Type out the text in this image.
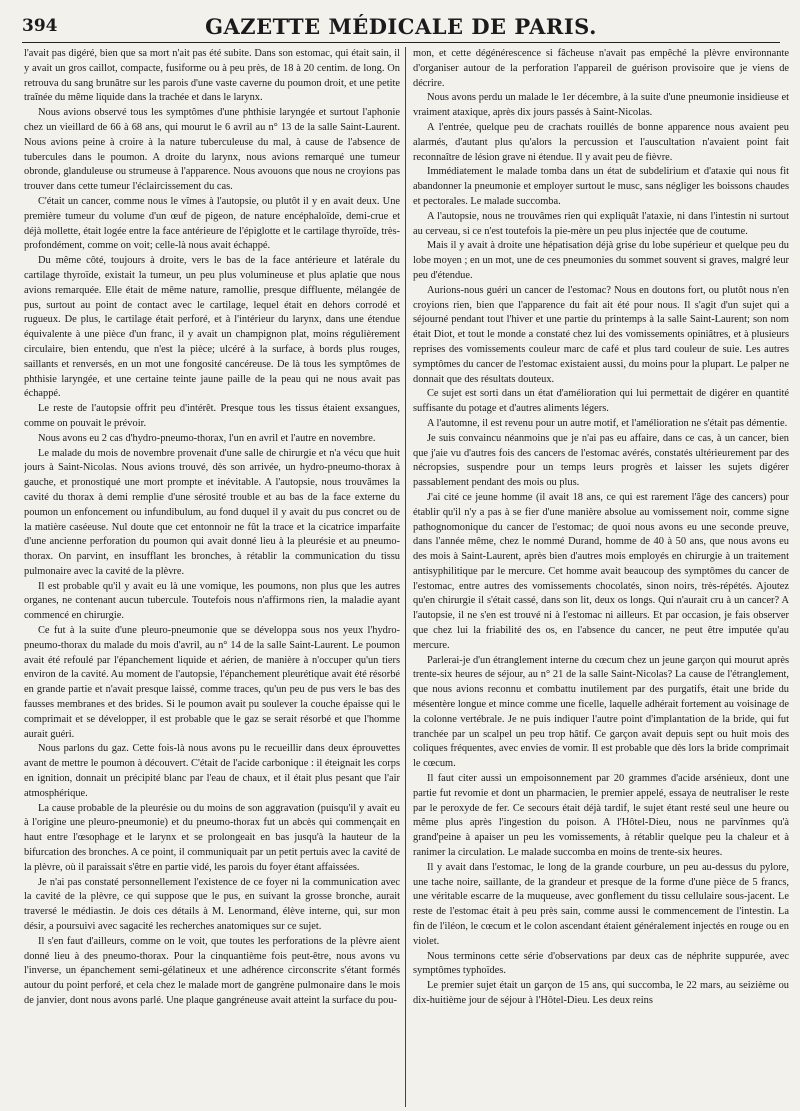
394	GAZETTE MÉDICALE DE PARIS.

l'avait pas digéré, bien que sa mort n'ait pas été subite. Dans son estomac, qui était sain, il y avait un gros caillot, compacte, fusiforme ou à peu près, de 18 à 20 centim. de long. On retrouva du sang brunâtre sur les parois d'une vaste caverne du poumon droit, et une petite traînée du même liquide dans la trachée et dans le larynx.

Nous avions observé tous les symptômes d'une phthisie laryngée et surtout l'aphonie chez un vieillard de 66 à 68 ans, qui mourut le 6 avril au n° 13 de la salle Saint-Laurent. Nous avions peine à croire à la nature tuberculeuse du mal, à cause de l'absence de tubercules dans le poumon. A droite du larynx, nous avions remarqué une tumeur obronde, glanduleuse ou strumeuse à l'apparence. Nous avouons que nous ne croyions pas trouver dans cette tumeur l'éclaircissement du cas.

C'était un cancer, comme nous le vîmes à l'autopsie, ou plutôt il y en avait deux. Une première tumeur du volume d'un œuf de pigeon, de nature encéphaloïde, demi-crue et déjà mollette, était logée entre la face antérieure de l'épiglotte et le cartilage thyroïde, très-profondément, comme on voit; celle-là nous avait échappé.

Du même côté, toujours à droite, vers le bas de la face antérieure et latérale du cartilage thyroïde, existait la tumeur, un peu plus volumineuse et plus aplatie que nous avions remarquée. Elle était de même nature, ramollie, presque diffluente, mélangée de pus, surtout au point de contact avec le cartilage, lequel était en dehors corrodé et rugueux. De plus, le cartilage était perforé, et à l'intérieur du larynx, dans une étendue équivalente à une pièce d'un franc, il y avait un champignon plat, moins régulièrement circulaire, bien entendu, que n'est la pièce; ulcéré à la surface, à bords plus rouges, saillants et renversés, en un mot une fongosité cancéreuse. De là tous les symptômes de phthisie laryngée, et une certaine teinte jaune paille de la peau qui ne nous avait pas échappé.

Le reste de l'autopsie offrit peu d'intérêt. Presque tous les tissus étaient exsangues, comme on pouvait le prévoir.

Nous avons eu 2 cas d'hydro-pneumo-thorax, l'un en avril et l'autre en novembre.

Le malade du mois de novembre provenait d'une salle de chirurgie et n'a vécu que huit jours à Saint-Nicolas. Nous avions trouvé, dès son arrivée, un hydro-pneumo-thorax à gauche, et pronostiqué une mort prompte et inévitable. A l'autopsie, nous trouvâmes la cavité du thorax à demi remplie d'une sérosité trouble et au bas de la face externe du poumon un enfoncement ou infundibulum, au fond duquel il y avait du pus concret ou de la matière caséeuse. Nul doute que cet entonnoir ne fût la trace et la cicatrice imparfaite d'une ancienne perforation du poumon qui avait donné lieu à la pleurésie et au pneumo-thorax. On parvint, en insufflant les bronches, à rétablir la communication du tissu pulmonaire avec la cavité de la plèvre.

Il est probable qu'il y avait eu là une vomique, les poumons, non plus que les autres organes, ne contenant aucun tubercule. Toutefois nous n'affirmons rien, la maladie ayant commencé en chirurgie.

Ce fut à la suite d'une pleuro-pneumonie que se développa sous nos yeux l'hydro-pneumo-thorax du malade du mois d'avril, au n° 14 de la salle Saint-Laurent. Le poumon avait été refoulé par l'épanchement liquide et aérien, de manière à n'occuper qu'un tiers environ de la cavité. Au moment de l'autopsie, l'épanchement pleurétique avait été résorbé en grande partie et n'avait presque laissé, comme traces, qu'un peu de pus vers le bas des fausses membranes et des brides. Si le poumon avait pu soulever la couche épaisse qui le comprimait et se développer, il est probable que le gaz se serait résorbé et que l'homme aurait guéri.

Nous parlons du gaz. Cette fois-là nous avons pu le recueillir dans deux éprouvettes avant de mettre le poumon à découvert. C'était de l'acide carbonique : il éteignait les corps en ignition, donnait un précipité blanc par l'eau de chaux, et il était plus pesant que l'air atmosphérique.

La cause probable de la pleurésie ou du moins de son aggravation (puisqu'il y avait eu à l'origine une pleuro-pneumonie) et du pneumo-thorax fut un abcès qui commençait en haut entre l'œsophage et le larynx et se prolongeait en bas jusqu'à la hauteur de la bifurcation des bronches. A ce point, il communiquait par un petit pertuis avec la cavité de la plèvre, où il paraissait s'être en partie vidé, les parois du foyer étant affaissées.

Je n'ai pas constaté personnellement l'existence de ce foyer ni la communication avec la cavité de la plèvre, ce qui suppose que le pus, en suivant la grosse bronche, aurait traversé le médiastin. Je dois ces détails à M. Lenormand, élève interne, qui, sur mon désir, a poursuivi avec sagacité les recherches anatomiques sur ce sujet.

Il s'en faut d'ailleurs, comme on le voit, que toutes les perforations de la plèvre aient donné lieu à des pneumo-thorax. Pour la cinquantième fois peut-être, nous avons vu l'inverse, un épanchement semi-gélatineux et une adhérence circonscrite s'étant formés autour du point perforé, et cela chez le malade mort de gangrène pulmonaire dans le mois de janvier, dont nous avons parlé. Une plaque gangréneuse avait atteint la surface du pou-

mon, et cette dégénérescence si fâcheuse n'avait pas empêché la plèvre environnante d'organiser autour de la perforation l'appareil de guérison provisoire que je viens de décrire.

Nous avons perdu un malade le 1er décembre, à la suite d'une pneumonie insidieuse et vraiment ataxique, après dix jours passés à Saint-Nicolas.

A l'entrée, quelque peu de crachats rouillés de bonne apparence nous avaient peu alarmés, d'autant plus qu'alors la percussion et l'auscultation n'avaient point fait reconnaître de lésion grave ni étendue. Il y avait peu de fièvre.

Immédiatement le malade tomba dans un état de subdelirium et d'ataxie qui nous fit abandonner la pneumonie et employer surtout le musc, sans négliger les boissons chaudes et pectorales. Le malade succomba.

A l'autopsie, nous ne trouvâmes rien qui expliquât l'ataxie, ni dans l'intestin ni surtout au cerveau, si ce n'est toutefois la pie-mère un peu plus injectée que de coutume.

Mais il y avait à droite une hépatisation déjà grise du lobe supérieur et quelque peu du lobe moyen ; en un mot, une de ces pneumonies du sommet souvent si graves, malgré leur peu d'étendue.

Aurions-nous guéri un cancer de l'estomac? Nous en doutons fort, ou plutôt nous n'en croyions rien, bien que l'apparence du fait ait été pour nous. Il s'agit d'un sujet qui a séjourné pendant tout l'hiver et une partie du printemps à la salle Saint-Laurent; son nom était Diot, et tout le monde a constaté chez lui des vomissements opiniâtres, et à plusieurs reprises des vomissements couleur marc de café et plus tard couleur de suie. Les autres symptômes du cancer de l'estomac existaient aussi, du moins pour la plupart. Le palper ne donnait que des résultats douteux.

Ce sujet est sorti dans un état d'amélioration qui lui permettait de digérer en quantité suffisante du potage et d'autres aliments légers.

A l'automne, il est revenu pour un autre motif, et l'amélioration ne s'était pas démentie.

Je suis convaincu néanmoins que je n'ai pas eu affaire, dans ce cas, à un cancer, bien que j'aie vu d'autres fois des cancers de l'estomac avérés, constatés ultérieurement par des nécropsies, suspendre pour un temps leurs progrès et laisser les sujets digérer passablement pendant des mois ou plus.

J'ai cité ce jeune homme (il avait 18 ans, ce qui est rarement l'âge des cancers) pour établir qu'il n'y a pas à se fier d'une manière absolue au vomissement noir, comme signe pathognomonique du cancer de l'estomac; de quoi nous avons eu une seconde preuve, dans l'année même, chez le nommé Durand, homme de 40 à 50 ans, que nous avons eu des mois à Saint-Laurent, après bien d'autres mois employés en chirurgie à un traitement antisyphilitique par le mercure. Cet homme avait beaucoup des symptômes du cancer de l'estomac, entre autres des vomissements chocolatés, sinon noirs, très-répétés. Ajoutez qu'en chirurgie il s'était cassé, dans son lit, deux os longs. Qui n'aurait cru à un cancer? A l'autopsie, il ne s'en est trouvé ni à l'estomac ni ailleurs. Et par occasion, je fais observer que chez lui la friabilité des os, en l'absence du cancer, ne peut être imputée qu'au mercure.

Parlerai-je d'un étranglement interne du cœcum chez un jeune garçon qui mourut après trente-six heures de séjour, au n° 21 de la salle Saint-Nicolas? La cause de l'étranglement, que nous avions reconnu et combattu inutilement par des purgatifs, était une bride du mésentère longue et mince comme une ficelle, laquelle adhérait fortement au voisinage de la colonne vertébrale. Je ne puis indiquer l'autre point d'implantation de la bride, qui fut tranchée par un scalpel un peu trop hâtif. Ce garçon avait depuis sept ou huit mois des coliques fréquentes, avec envies de vomir. Il est probable que dès lors la bride comprimait le cœcum.

Il faut citer aussi un empoisonnement par 20 grammes d'acide arsénieux, dont une partie fut revomie et dont un pharmacien, le premier appelé, essaya de neutraliser le reste par le peroxyde de fer. Ce secours était déjà tardif, le sujet étant resté seul une heure ou même plus après l'ingestion du poison. A l'Hôtel-Dieu, nous ne parvînmes qu'à grand'peine à apaiser un peu les vomissements, à rétablir quelque peu la chaleur et à ranimer la circulation. Le malade succomba en moins de trente-six heures.

Il y avait dans l'estomac, le long de la grande courbure, un peu au-dessus du pylore, une tache noire, saillante, de la grandeur et presque de la forme d'une pièce de 5 francs, une véritable escarre de la muqueuse, avec gonflement du tissu cellulaire sous-jacent. Le reste de l'estomac était à peu près sain, comme aussi le commencement de l'intestin. La fin de l'iléon, le cœcum et le colon ascendant étaient généralement injectés en rouge ou en violet.

Nous terminons cette série d'observations par deux cas de néphrite suppurée, avec symptômes typhoïdes.

Le premier sujet était un garçon de 15 ans, qui succomba, le 22 mars, au seizième ou dix-huitième jour de séjour à l'Hôtel-Dieu. Les deux reins
